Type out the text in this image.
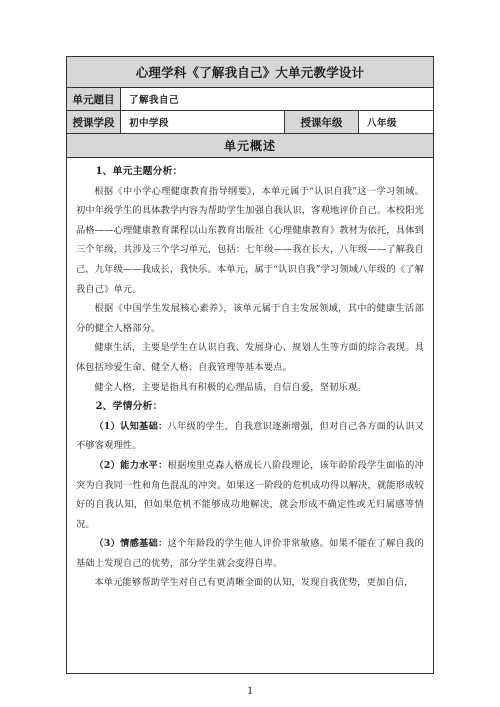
心理学科《了解我自己》大单元教学设计
单元题目	了解我自己
授课学段	初中学段	授课年级	八年级
单元概述

1、单元主题分析：

根据《中小学心理健康教育指导纲要》，本单元属于“认识自我”这一学习领域。初中年级学生的具体教学内容为帮助学生加强自我认识，客观地评价自己。本校阳光品格——心理健康教育课程以山东教育出版社《心理健康教育》教材为依托，具体到三个年级，共涉及三个学习单元，包括：七年级——我在长大，八年级——了解我自己，九年级——我成长，我快乐。本单元，属于“认识自我”学习领域八年级的《了解我自己》单元。

根据《中国学生发展核心素养》，该单元属于自主发展领域，其中的健康生活部分的健全人格部分。

健康生活，主要是学生在认识自我、发展身心、规划人生等方面的综合表现。具体包括珍爱生命、健全人格、自我管理等基本要点。

健全人格，主要是指具有积极的心理品质，自信自爱，坚韧乐观。

2、学情分析：

（1）认知基础：八年级的学生，自我意识逐渐增强，但对自己各方面的认识又不够客观理性。

（2）能力水平：根据埃里克森人格成长八阶段理论，该年龄阶段学生面临的冲突为自我同一性和角色混乱的冲突。如果这一阶段的危机成功得以解决，就能形成较好的自我认知，但如果危机不能够成功地解决，就会形成不确定性或无归属感等情况。

（3）情感基础：这个年龄段的学生他人评价非常敏感。如果不能在了解自我的基础上发现自己的优势，部分学生就会变得自卑。

本单元能够帮助学生对自己有更清晰全面的认知，发现自我优势，更加自信，

1
